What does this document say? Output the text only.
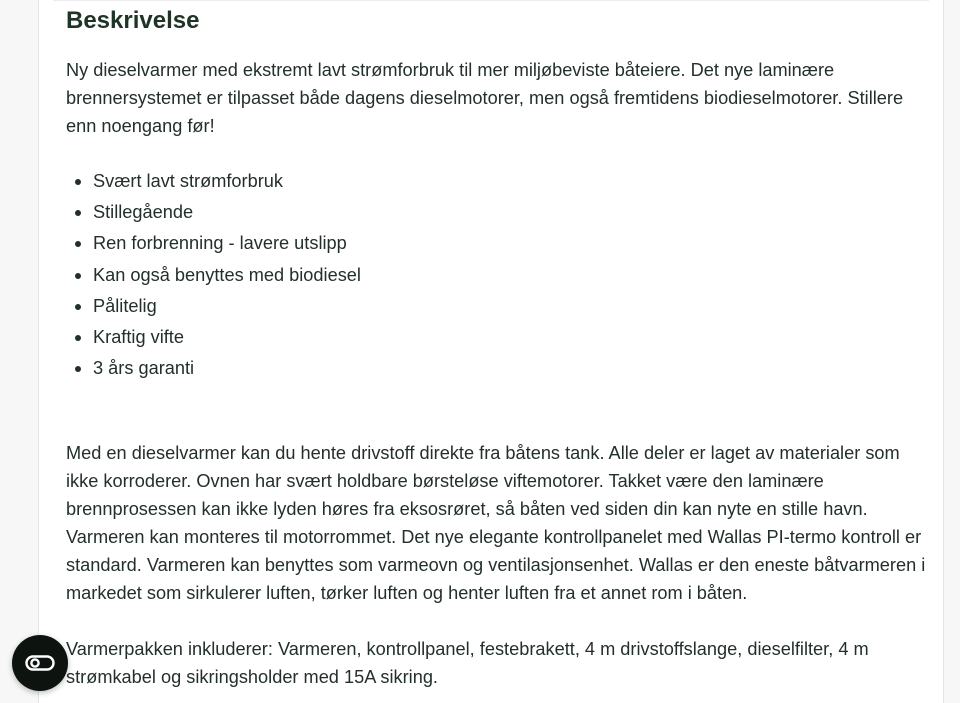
Beskrivelse

Ny dieselvarmer med ekstremt lavt strømforbruk til mer miljøbeviste båteiere. Det nye laminære brennersystemet er tilpasset både dagens dieselmotorer, men også fremtidens biodieselmotorer. Stillere enn noengang før!

Svært lavt strømforbruk
Stillegående
Ren forbrenning - lavere utslipp
Kan også benyttes med biodiesel
Pålitelig
Kraftig vifte
3 års garanti

Med en dieselvarmer kan du hente drivstoff direkte fra båtens tank. Alle deler er laget av materialer som ikke korroderer. Ovnen har svært holdbare børsteløse viftemotorer. Takket være den laminære brennprosessen kan ikke lyden høres fra eksosrøret, så båten ved siden din kan nyte en stille havn. Varmeren kan monteres til motorrommet. Det nye elegante kontrollpanelet med Wallas PI-termo kontroll er standard. Varmeren kan benyttes som varmeovn og ventilasjonsenhet. Wallas er den eneste båtvarmeren i markedet som sirkulerer luften, tørker luften og henter luften fra et annet rom i båten.

Varmerpakken inkluderer: Varmeren, kontrollpanel, festebrakett, 4 m drivstoffslange, dieselfilter, 4 m strømkabel og sikringsholder med 15A sikring.
